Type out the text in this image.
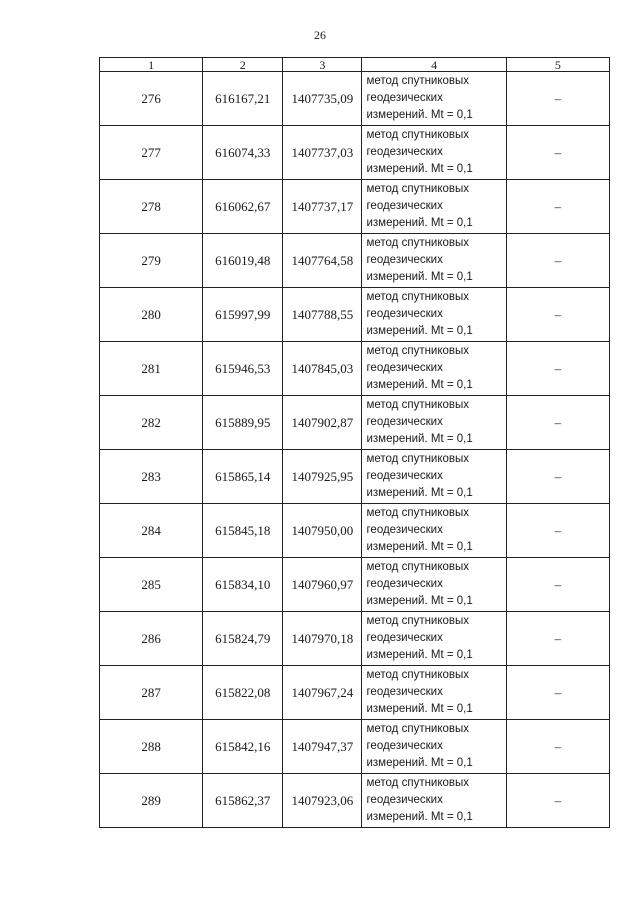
26
1	2	3	4	5
276	616167,21	1407735,09	метод спутниковых
геодезических
измерений. Mt = 0,1	–
277	616074,33	1407737,03	метод спутниковых
геодезических
измерений. Mt = 0,1	–
278	616062,67	1407737,17	метод спутниковых
геодезических
измерений. Mt = 0,1	–
279	616019,48	1407764,58	метод спутниковых
геодезических
измерений. Mt = 0,1	–
280	615997,99	1407788,55	метод спутниковых
геодезических
измерений. Mt = 0,1	–
281	615946,53	1407845,03	метод спутниковых
геодезических
измерений. Mt = 0,1	–
282	615889,95	1407902,87	метод спутниковых
геодезических
измерений. Mt = 0,1	–
283	615865,14	1407925,95	метод спутниковых
геодезических
измерений. Mt = 0,1	–
284	615845,18	1407950,00	метод спутниковых
геодезических
измерений. Mt = 0,1	–
285	615834,10	1407960,97	метод спутниковых
геодезических
измерений. Mt = 0,1	–
286	615824,79	1407970,18	метод спутниковых
геодезических
измерений. Mt = 0,1	–
287	615822,08	1407967,24	метод спутниковых
геодезических
измерений. Mt = 0,1	–
288	615842,16	1407947,37	метод спутниковых
геодезических
измерений. Mt = 0,1	–
289	615862,37	1407923,06	метод спутниковых
геодезических
измерений. Mt = 0,1	–
